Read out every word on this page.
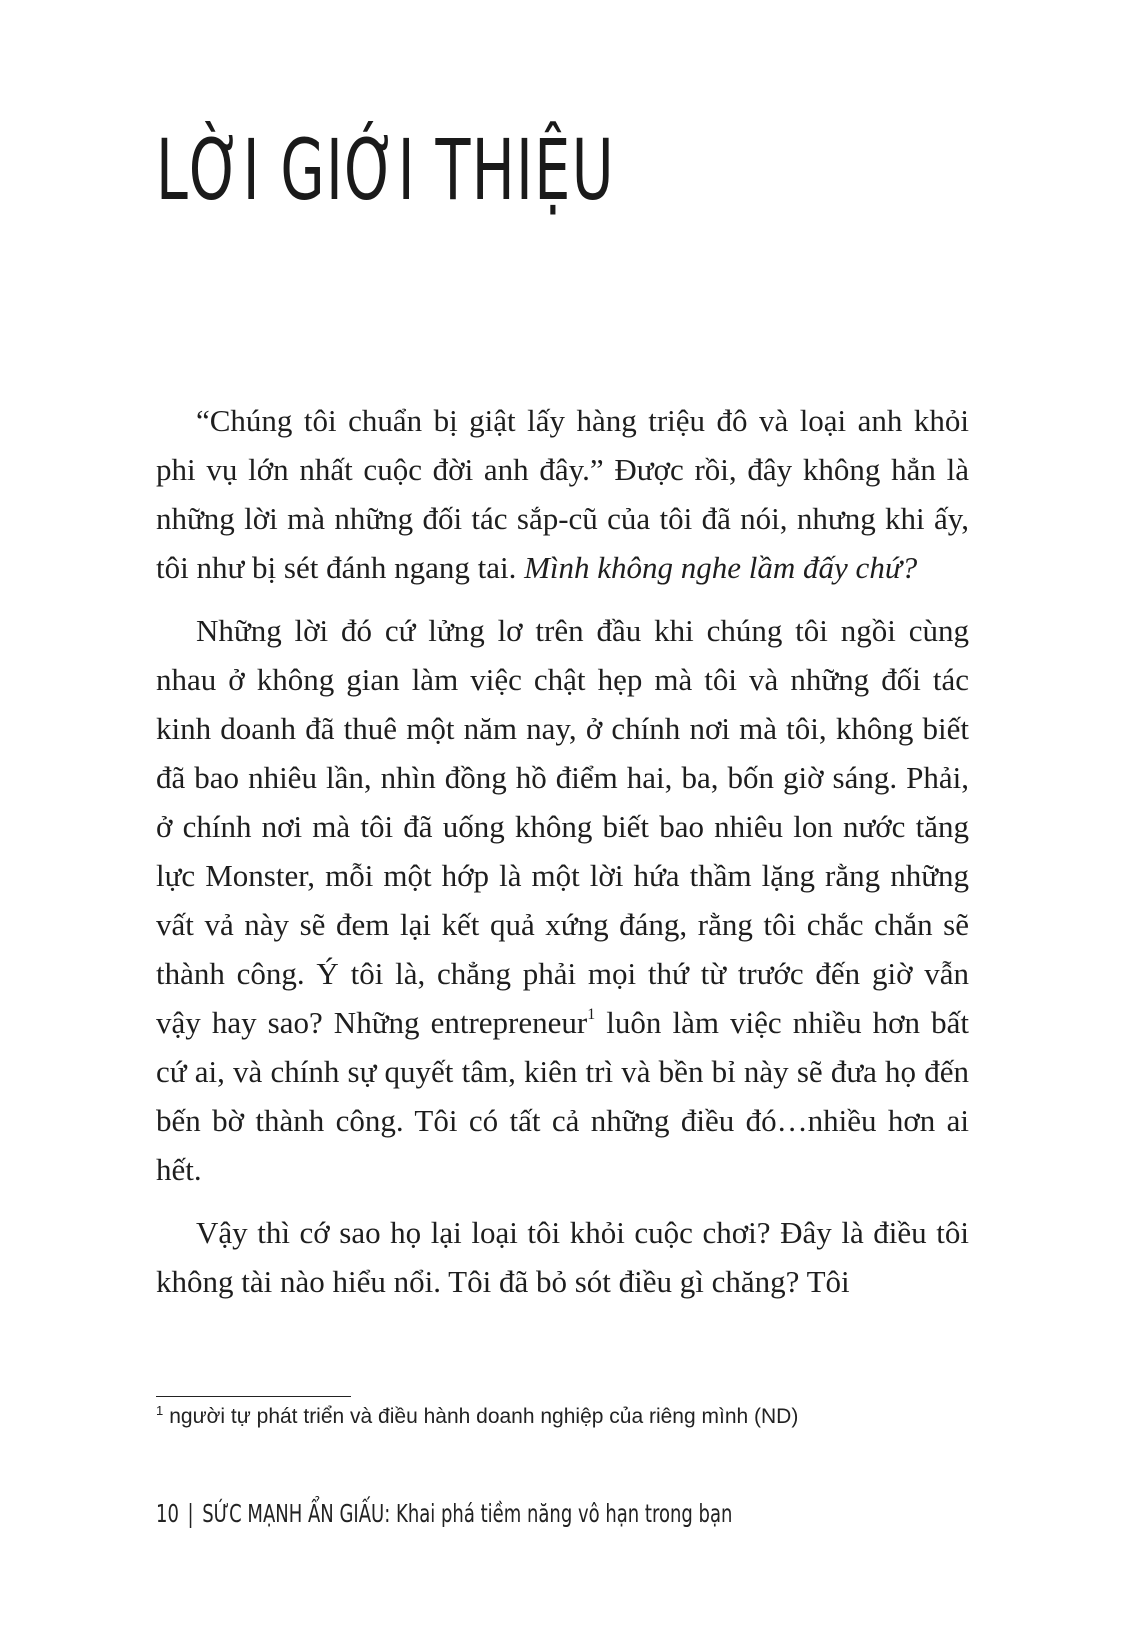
LỜI GIỚI THIỆU

“Chúng tôi chuẩn bị giật lấy hàng triệu đô và loại anh khỏi phi vụ lớn nhất cuộc đời anh đây.” Được rồi, đây không hẳn là những lời mà những đối tác sắp-cũ của tôi đã nói, nhưng khi ấy, tôi như bị sét đánh ngang tai. Mình không nghe lầm đấy chứ?

Những lời đó cứ lửng lơ trên đầu khi chúng tôi ngồi cùng nhau ở không gian làm việc chật hẹp mà tôi và những đối tác kinh doanh đã thuê một năm nay, ở chính nơi mà tôi, không biết đã bao nhiêu lần, nhìn đồng hồ điểm hai, ba, bốn giờ sáng. Phải, ở chính nơi mà tôi đã uống không biết bao nhiêu lon nước tăng lực Monster, mỗi một hớp là một lời hứa thầm lặng rằng những vất vả này sẽ đem lại kết quả xứng đáng, rằng tôi chắc chắn sẽ thành công. Ý tôi là, chẳng phải mọi thứ từ trước đến giờ vẫn vậy hay sao? Những entrepreneur$^1$ luôn làm việc nhiều hơn bất cứ ai, và chính sự quyết tâm, kiên trì và bền bỉ này sẽ đưa họ đến bến bờ thành công. Tôi có tất cả những điều đó…nhiều hơn ai hết.

Vậy thì cớ sao họ lại loại tôi khỏi cuộc chơi? Đây là điều tôi không tài nào hiểu nổi. Tôi đã bỏ sót điều gì chăng? Tôi

$^1$ người tự phát triển và điều hành doanh nghiệp của riêng mình (ND)
10 | SỨC MẠNH ẨN GIẤU: Khai phá tiềm năng vô hạn trong bạn
